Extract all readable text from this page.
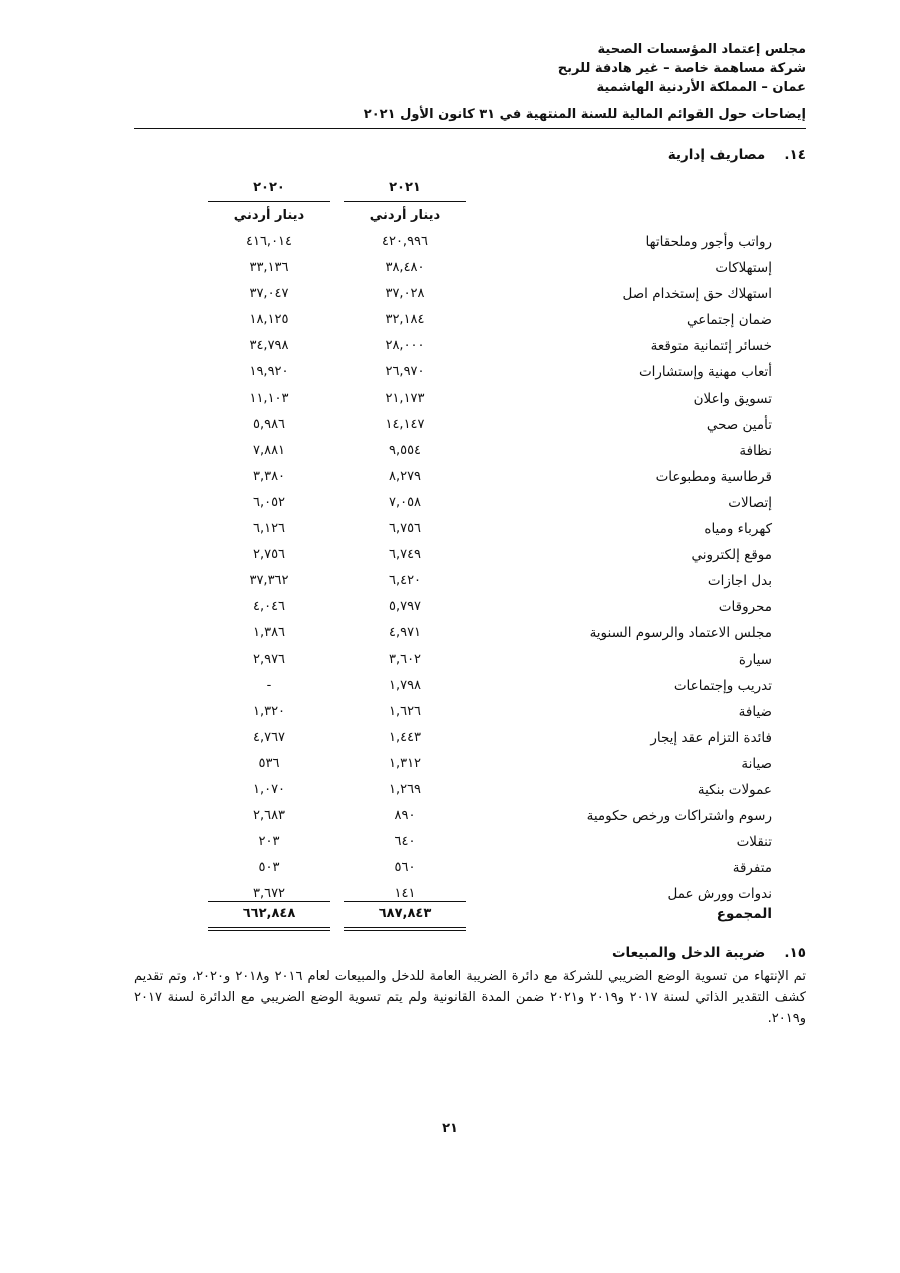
مجلس إعتماد المؤسسات الصحية
شركة مساهمة خاصة – غير هادفة للربح
عمان – المملكة الأردنية الهاشمية
إيضاحات حول القوائم المالية للسنة المنتهية في ٣١ كانون الأول ٢٠٢١
١٤. مصاريف إدارية
٢٠٢١
٢٠٢٠
دينار أردني
دينار أردني
رواتب وأجور وملحقاتها
٤٢٠,٩٩٦
٤١٦,٠١٤
إستهلاكات
٣٨,٤٨٠
٣٣,١٣٦
استهلاك حق إستخدام اصل
٣٧,٠٢٨
٣٧,٠٤٧
ضمان إجتماعي
٣٢,١٨٤
١٨,١٢٥
خسائر إئتمانية متوقعة
٢٨,٠٠٠
٣٤,٧٩٨
أتعاب مهنية وإستشارات
٢٦,٩٧٠
١٩,٩٢٠
تسويق واعلان
٢١,١٧٣
١١,١٠٣
تأمين صحي
١٤,١٤٧
٥,٩٨٦
نظافة
٩,٥٥٤
٧,٨٨١
قرطاسية ومطبوعات
٨,٢٧٩
٣,٣٨٠
إتصالات
٧,٠٥٨
٦,٠٥٢
كهرباء ومياه
٦,٧٥٦
٦,١٢٦
موقع إلكتروني
٦,٧٤٩
٢,٧٥٦
بدل اجازات
٦,٤٢٠
٣٧,٣٦٢
محروقات
٥,٧٩٧
٤,٠٤٦
مجلس الاعتماد والرسوم السنوية
٤,٩٧١
١,٣٨٦
سيارة
٣,٦٠٢
٢,٩٧٦
تدريب وإجتماعات
١,٧٩٨
-
ضيافة
١,٦٢٦
١,٣٢٠
فائدة التزام عقد إيجار
١,٤٤٣
٤,٧٦٧
صيانة
١,٣١٢
٥٣٦
عمولات بنكية
١,٢٦٩
١,٠٧٠
رسوم واشتراكات ورخص حكومية
٨٩٠
٢,٦٨٣
تنقلات
٦٤٠
٢٠٣
متفرقة
٥٦٠
٥٠٣
ندوات وورش عمل
١٤١
٣,٦٧٢
المجموع
٦٨٧,٨٤٣
٦٦٢,٨٤٨
١٥. ضريبة الدخل والمبيعات
تم الإنتهاء من تسوية الوضع الضريبي للشركة مع دائرة الضريبة العامة للدخل والمبيعات لعام ٢٠١٦ و٢٠١٨ و٢٠٢٠، وتم تقديم كشف التقدير الذاتي لسنة ٢٠١٧ و٢٠١٩ و٢٠٢١ ضمن المدة القانونية ولم يتم تسوية الوضع الضريبي مع الدائرة لسنة ٢٠١٧ و٢٠١٩.
٢١
